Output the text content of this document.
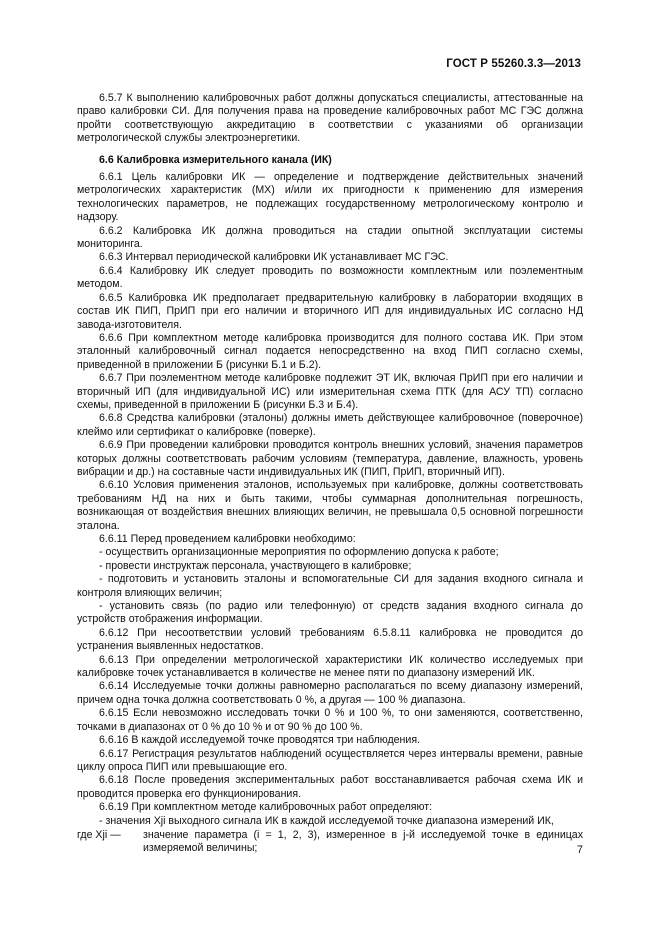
ГОСТ Р 55260.3.3—2013

6.5.7 К выполнению калибровочных работ должны допускаться специалисты, аттестованные на право калибровки СИ. Для получения права на проведение калибровочных работ МС ГЭС должна пройти соответствующую аккредитацию в соответствии с указаниями об организации метрологической службы электроэнергетики.

6.6 Калибровка измерительного канала (ИК)

6.6.1 Цель калибровки ИК — определение и подтверждение действительных значений метрологических характеристик (МХ) и/или их пригодности к применению для измерения технологических параметров, не подлежащих государственному метрологическому контролю и надзору.

6.6.2 Калибровка ИК должна проводиться на стадии опытной эксплуатации системы мониторинга.

6.6.3 Интервал периодической калибровки ИК устанавливает МС ГЭС.

6.6.4 Калибровку ИК следует проводить по возможности комплектным или поэлементным методом.

6.6.5 Калибровка ИК предполагает предварительную калибровку в лаборатории входящих в состав ИК ПИП, ПрИП при его наличии и вторичного ИП для индивидуальных ИС согласно НД завода-изготовителя.

6.6.6 При комплектном методе калибровка производится для полного состава ИК. При этом эталонный калибровочный сигнал подается непосредственно на вход ПИП согласно схемы, приведенной в приложении Б (рисунки Б.1 и Б.2).

6.6.7 При поэлементном методе калибровке подлежит ЭТ ИК, включая ПрИП при его наличии и вторичный ИП (для индивидуальной ИС) или измерительная схема ПТК (для АСУ ТП) согласно схемы, приведенной в приложении Б (рисунки Б.3 и Б.4).

6.6.8 Средства калибровки (эталоны) должны иметь действующее калибровочное (поверочное) клеймо или сертификат о калибровке (поверке).

6.6.9 При проведении калибровки проводится контроль внешних условий, значения параметров которых должны соответствовать рабочим условиям (температура, давление, влажность, уровень вибрации и др.) на составные части индивидуальных ИК (ПИП, ПрИП, вторичный ИП).

6.6.10 Условия применения эталонов, используемых при калибровке, должны соответствовать требованиям НД на них и быть такими, чтобы суммарная дополнительная погрешность, возникающая от воздействия внешних влияющих величин, не превышала 0,5 основной погрешности эталона.

6.6.11 Перед проведением калибровки необходимо:

- осуществить организационные мероприятия по оформлению допуска к работе;

- провести инструктаж персонала, участвующего в калибровке;

- подготовить и установить эталоны и вспомогательные СИ для задания входного сигнала и контроля влияющих величин;

- установить связь (по радио или телефонную) от средств задания входного сигнала до устройств отображения информации.

6.6.12 При несоответствии условий требованиям 6.5.8.11 калибровка не проводится до устранения выявленных недостатков.

6.6.13 При определении метрологической характеристики ИК количество исследуемых при калибровке точек устанавливается в количестве не менее пяти по диапазону измерений ИК.

6.6.14 Исследуемые точки должны равномерно располагаться по всему диапазону измерений, причем одна точка должна соответствовать 0 %, а другая — 100 % диапазона.

6.6.15 Если невозможно исследовать точки 0 % и 100 %, то они заменяются, соответственно, точками в диапазонах от 0 % до 10 % и от 90 % до 100 %.

6.6.16 В каждой исследуемой точке проводятся три наблюдения.

6.6.17 Регистрация результатов наблюдений осуществляется через интервалы времени, равные циклу опроса ПИП или превышающие его.

6.6.18 После проведения экспериментальных работ восстанавливается рабочая схема ИК и проводится проверка его функционирования.

6.6.19 При комплектном методе калибровочных работ определяют:

- значения Xji выходного сигнала ИК в каждой исследуемой точке диапазона измерений ИК,

где Xji —	значение параметра (i = 1, 2, 3), измеренное в j-й исследуемой точке в единицах измеряемой величины;	7
